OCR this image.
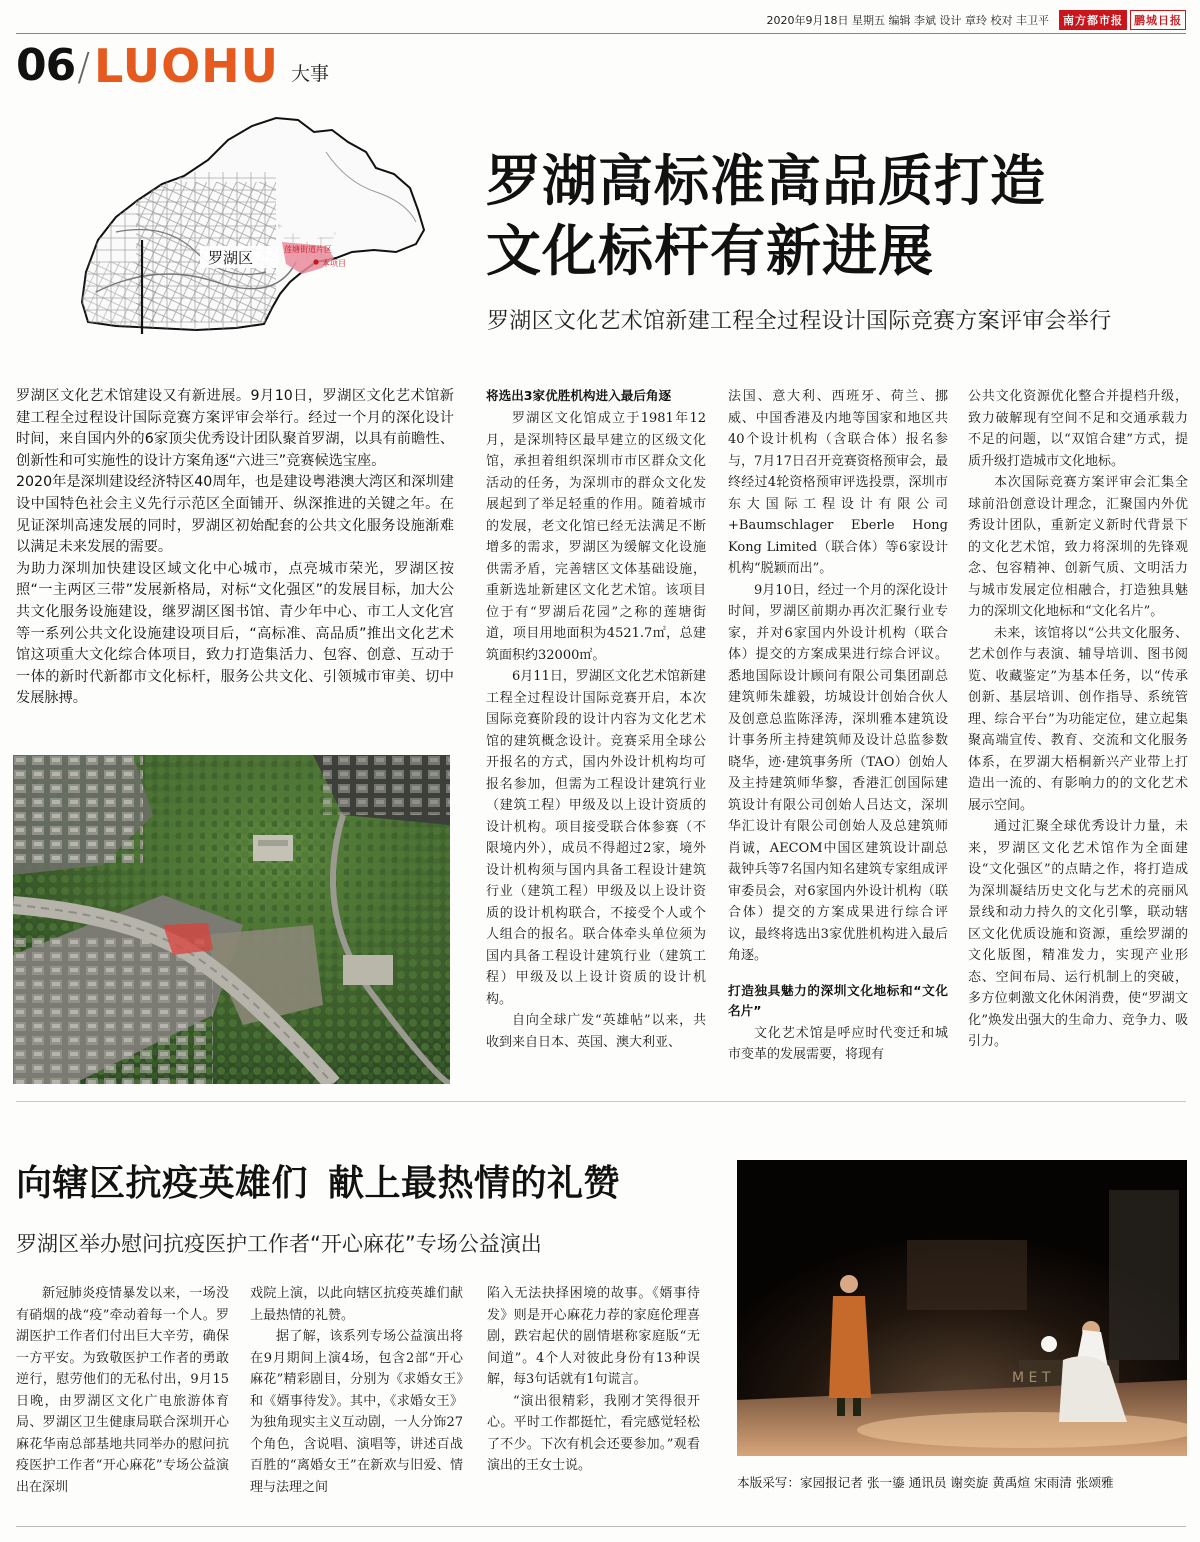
2020年9月18日 星期五 编辑 李斌 设计 章玲 校对 丰卫平	南方都市报	鹏城日报
06 / LUOHU 大事
罗湖区	莲塘街道片区
本项目
罗湖高标准高品质打造
文化标杆有新进展
罗湖区文化艺术馆新建工程全过程设计国际竞赛方案评审会举行

罗湖区文化艺术馆建设又有新进展。9月10日，罗湖区文化艺术馆新建工程全过程设计国际竞赛方案评审会举行。经过一个月的深化设计时间，来自国内外的6家顶尖优秀设计团队聚首罗湖，以具有前瞻性、创新性和可实施性的设计方案角逐“六进三”竞赛候选宝座。

2020年是深圳建设经济特区40周年，也是建设粤港澳大湾区和深圳建设中国特色社会主义先行示范区全面铺开、纵深推进的关键之年。在见证深圳高速发展的同时，罗湖区初始配套的公共文化服务设施渐难以满足未来发展的需要。

为助力深圳加快建设区域文化中心城市，点亮城市荣光，罗湖区按照“一主两区三带”发展新格局，对标“文化强区”的发展目标，加大公共文化服务设施建设，继罗湖区图书馆、青少年中心、市工人文化宫等一系列公共文化设施建设项目后，“高标准、高品质”推出文化艺术馆这项重大文化综合体项目，致力打造集活力、包容、创意、互动于一体的新时代新都市文化标杆，服务公共文化、引领城市审美、切中发展脉搏。

将选出3家优胜机构进入最后角逐

罗湖区文化馆成立于1981年12月，是深圳特区最早建立的区级文化馆，承担着组织深圳市市区群众文化活动的任务，为深圳市的群众文化发展起到了举足轻重的作用。随着城市的发展，老文化馆已经无法满足不断增多的需求，罗湖区为缓解文化设施供需矛盾，完善辖区文体基础设施，重新选址新建区文化艺术馆。该项目位于有“罗湖后花园”之称的莲塘街道，项目用地面积为4521.7㎡，总建筑面积约32000㎡。

6月11日，罗湖区文化艺术馆新建工程全过程设计国际竞赛开启，本次国际竞赛阶段的设计内容为文化艺术馆的建筑概念设计。竞赛采用全球公开报名的方式，国内外设计机构均可报名参加，但需为工程设计建筑行业（建筑工程）甲级及以上设计资质的设计机构。项目接受联合体参赛（不限境内外），成员不得超过2家，境外设计机构须与国内具备工程设计建筑行业（建筑工程）甲级及以上设计资质的设计机构联合，不接受个人或个人组合的报名。联合体牵头单位须为国内具备工程设计建筑行业（建筑工程）甲级及以上设计资质的设计机构。

自向全球广发“英雄帖”以来，共收到来自日本、英国、澳大利亚、

法国、意大利、西班牙、荷兰、挪威、中国香港及内地等国家和地区共40个设计机构（含联合体）报名参与，7月17日召开竞赛资格预审会，最终经过4轮资格预审评选投票，深圳市东大国际工程设计有限公司+Baumschlager Eberle Hong Kong Limited（联合体）等6家设计机构“脱颖而出”。

9月10日，经过一个月的深化设计时间，罗湖区前期办再次汇聚行业专家，并对6家国内外设计机构（联合体）提交的方案成果进行综合评议。悉地国际设计顾问有限公司集团副总建筑师朱雄毅，坊城设计创始合伙人及创意总监陈泽涛，深圳雅本建筑设计事务所主持建筑师及设计总监参数晓华，迹·建筑事务所（TAO）创始人及主持建筑师华黎，香港汇创国际建筑设计有限公司创始人吕达文，深圳华汇设计有限公司创始人及总建筑师肖诚，AECOM中国区建筑设计副总裁钟兵等7名国内知名建筑专家组成评审委员会，对6家国内外设计机构（联合体）提交的方案成果进行综合评议，最终将选出3家优胜机构进入最后角逐。

打造独具魅力的深圳文化地标和“文化名片”

文化艺术馆是呼应时代变迁和城市变革的发展需要，将现有

公共文化资源优化整合并提档升级，致力破解现有空间不足和交通承载力不足的问题，以“双馆合建”方式，提质升级打造城市文化地标。

本次国际竞赛方案评审会汇集全球前沿创意设计理念，汇聚国内外优秀设计团队，重新定义新时代背景下的文化艺术馆，致力将深圳的先锋观念、包容精神、创新气质、文明活力与城市发展定位相融合，打造独具魅力的深圳文化地标和“文化名片”。

未来，该馆将以“公共文化服务、艺术创作与表演、辅导培训、图书阅览、收藏鉴定”为基本任务，以“传承创新、基层培训、创作指导、系统管理、综合平台”为功能定位，建立起集聚高端宣传、教育、交流和文化服务体系，在罗湖大梧桐新兴产业带上打造出一流的、有影响力的的文化艺术展示空间。

通过汇聚全球优秀设计力量，未来，罗湖区文化艺术馆作为全面建设“文化强区”的点睛之作，将打造成为深圳凝结历史文化与艺术的亮丽风景线和动力持久的文化引擎，联动辖区文化优质设施和资源，重绘罗湖的文化版图，精准发力，实现产业形态、空间布局、运行机制上的突破，多方位刺激文化休闲消费，使“罗湖文化”焕发出强大的生命力、竞争力、吸引力。

向辖区抗疫英雄们 献上最热情的礼赞
罗湖区举办慰问抗疫医护工作者“开心麻花”专场公益演出

新冠肺炎疫情暴发以来，一场没有硝烟的战“疫”牵动着每一个人。罗湖医护工作者们付出巨大辛劳，确保一方平安。为致敬医护工作者的勇敢逆行，慰劳他们的无私付出，9月15日晚，由罗湖区文化广电旅游体育局、罗湖区卫生健康局联合深圳开心麻花华南总部基地共同举办的慰问抗疫医护工作者“开心麻花”专场公益演出在深圳

戏院上演，以此向辖区抗疫英雄们献上最热情的礼赞。

据了解，该系列专场公益演出将在9月期间上演4场，包含2部“开心麻花”精彩剧目，分别为《求婚女王》和《婿事待发》。其中，《求婚女王》为独角现实主义互动剧，一人分饰27个角色，含说唱、演唱等，讲述百战百胜的“离婚女王”在新欢与旧爱、情理与法理之间

陷入无法抉择困境的故事。《婿事待发》则是开心麻花力荐的家庭伦理喜剧，跌宕起伏的剧情堪称家庭版“无间道”。4个人对彼此身份有13种误解，每3句话就有1句谎言。

“演出很精彩，我刚才笑得很开心。平时工作都挺忙，看完感觉轻松了不少。下次有机会还要参加。”观看演出的王女士说。

M E T
本版采写：家园报记者 张一鎏 通讯员 谢奕旋 黄禹煊 宋雨清 张颂雅
